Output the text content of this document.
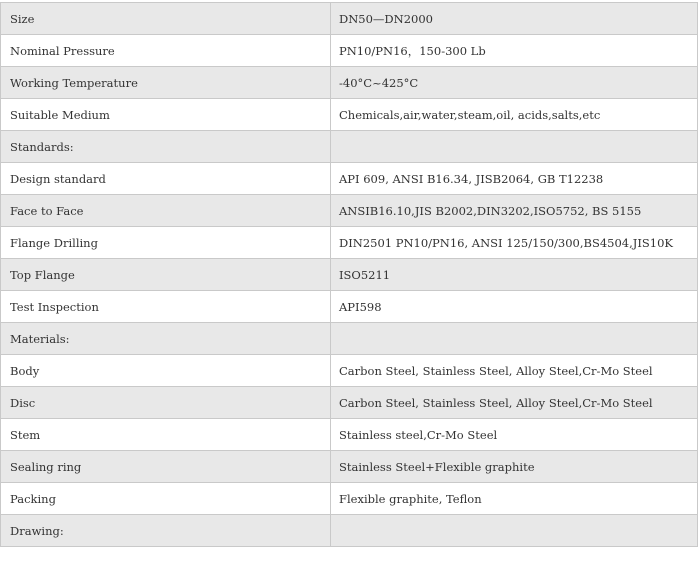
Size	DN50—DN2000
Nominal Pressure	PN10/PN16，150-300 Lb
Working Temperature	-40°C~425°C
Suitable Medium	Chemicals,air,water,steam,oil, acids,salts,etc
Standards:	
Design standard	API 609, ANSI B16.34, JISB2064, GB T12238
Face to Face	ANSIB16.10,JIS B2002,DIN3202,ISO5752, BS 5155
Flange Drilling	DIN2501 PN10/PN16, ANSI 125/150/300,BS4504,JIS10K
Top Flange	ISO5211
Test Inspection	API598
Materials:	
Body	Carbon Steel, Stainless Steel, Alloy Steel,Cr-Mo Steel
Disc	Carbon Steel, Stainless Steel, Alloy Steel,Cr-Mo Steel
Stem	Stainless steel,Cr-Mo Steel
Sealing ring	Stainless Steel+Flexible graphite
Packing	Flexible graphite, Teflon
Drawing:	
